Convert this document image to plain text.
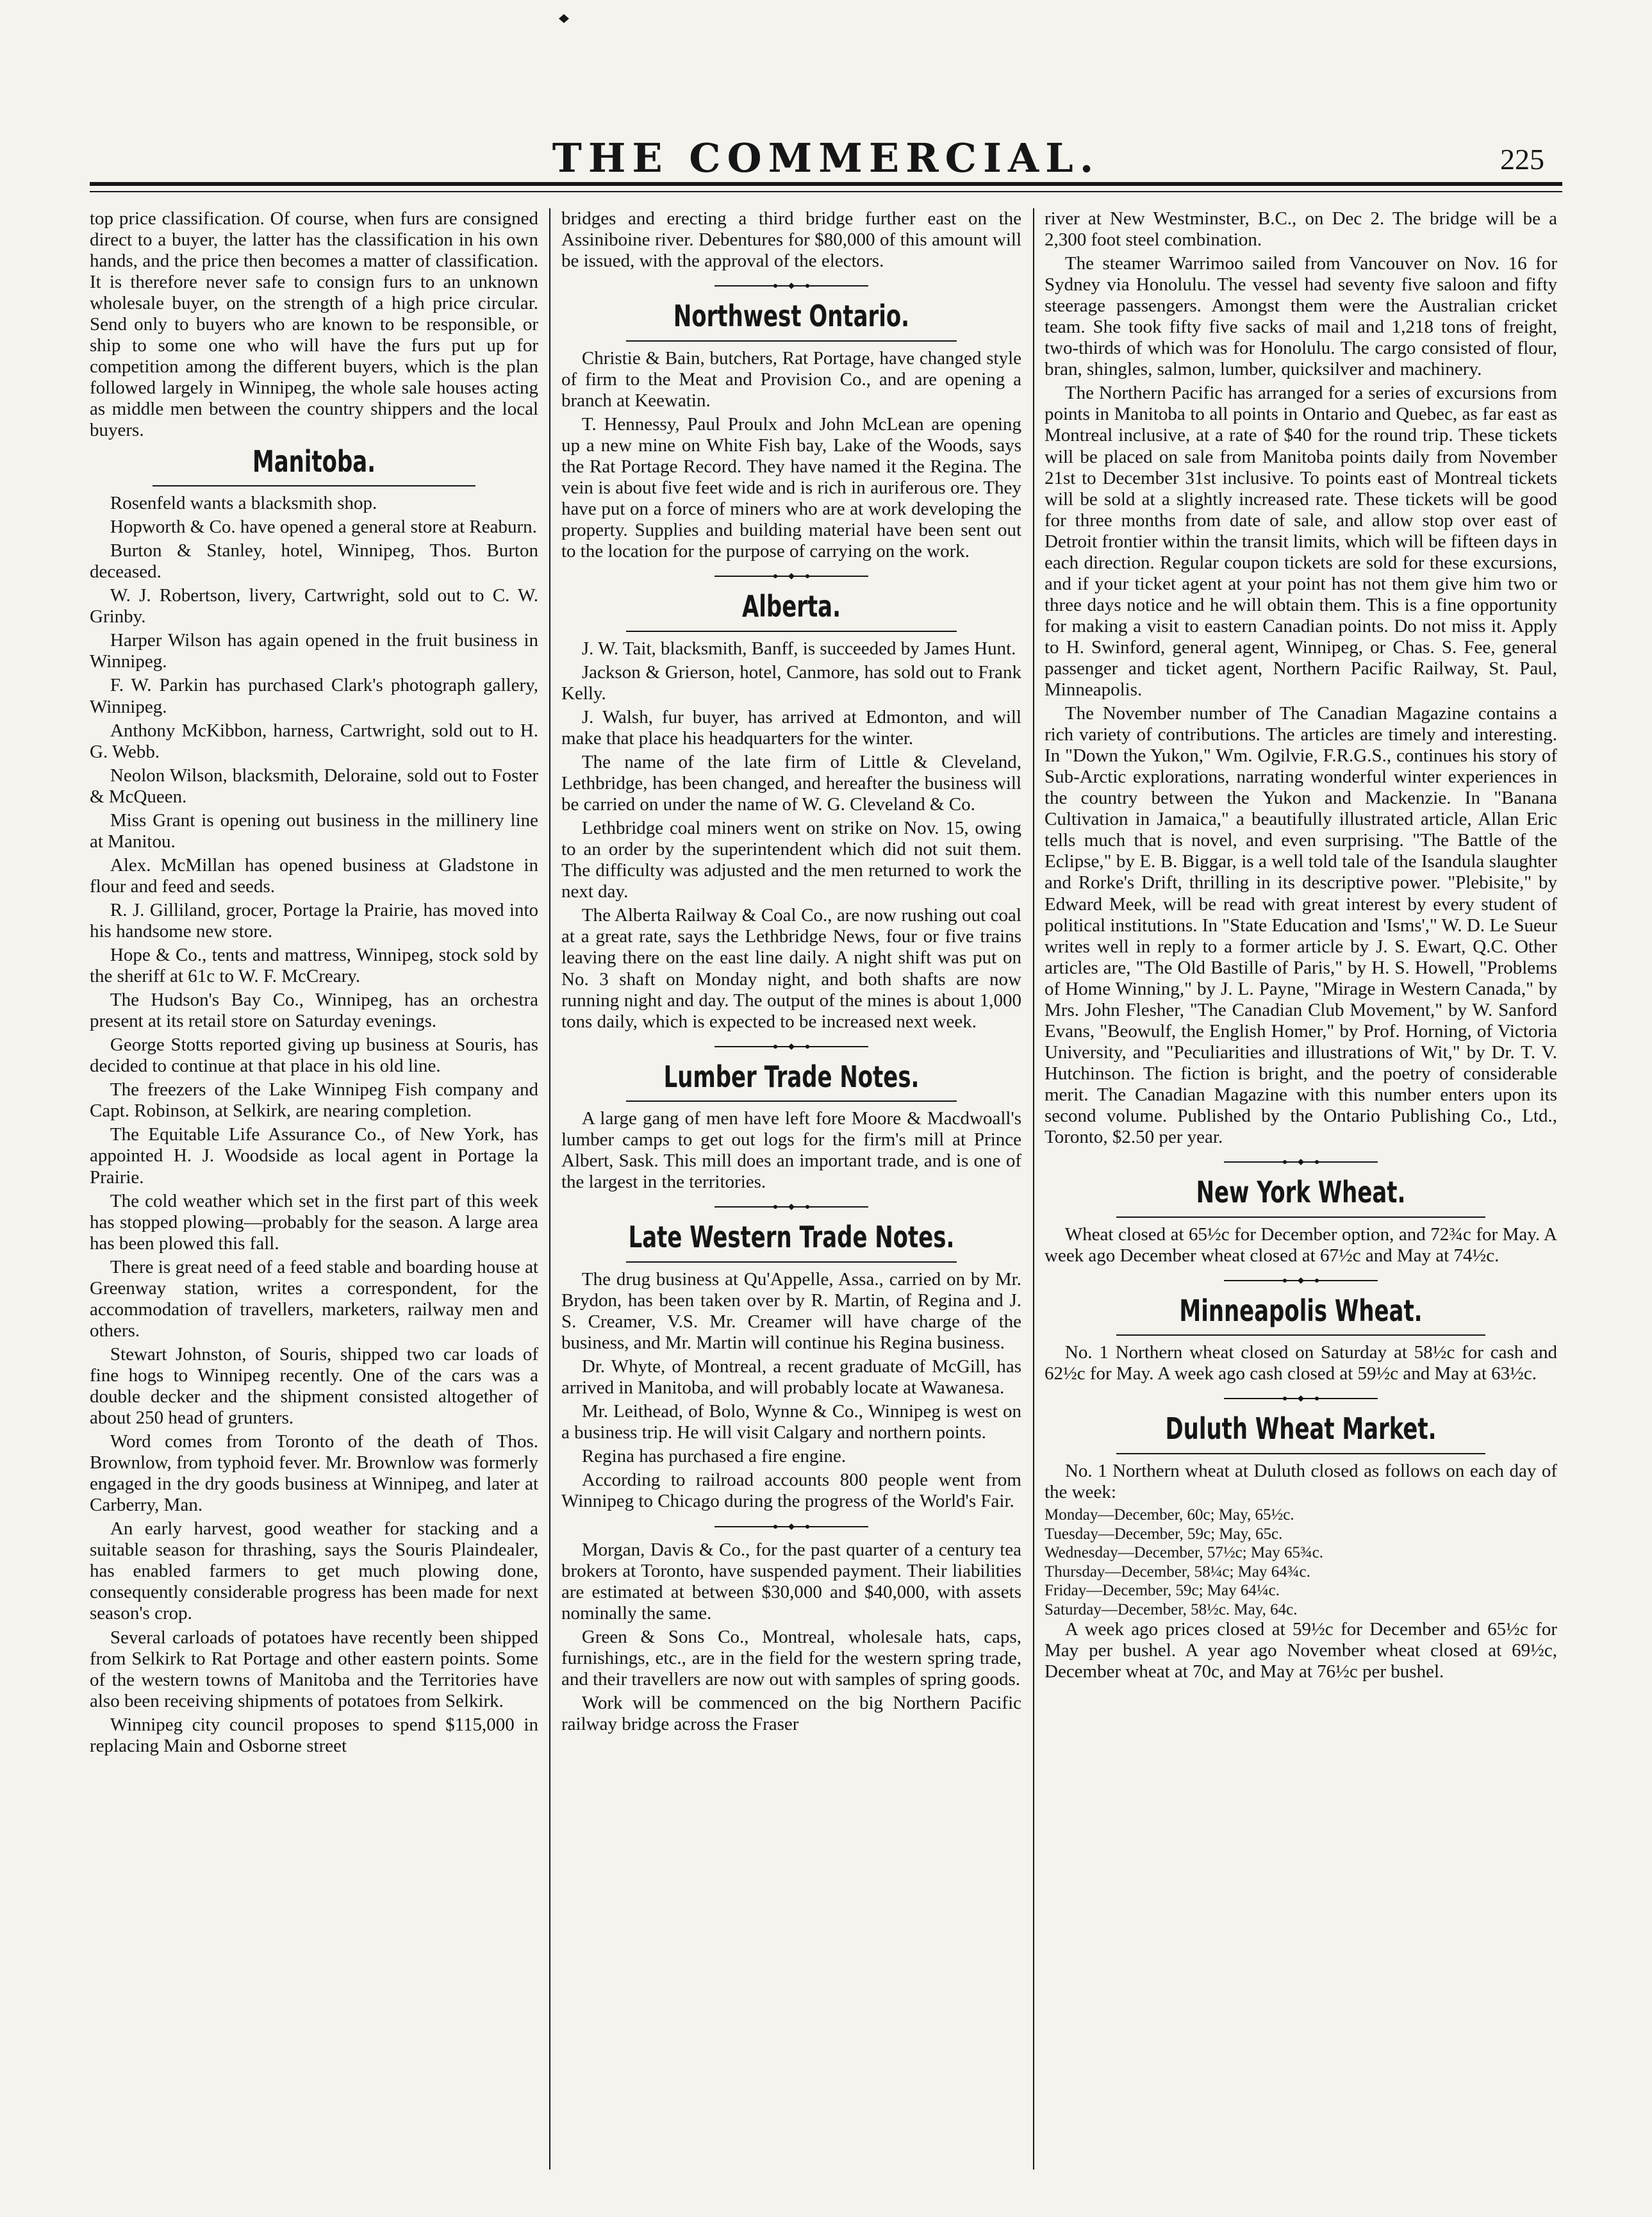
THE COMMERCIAL.	225

top price classification. Of course, when furs are consigned direct to a buyer, the latter has the classification in his own hands, and the price then becomes a matter of classification. It is therefore never safe to consign furs to an unknown wholesale buyer, on the strength of a high price circular. Send only to buyers who are known to be responsible, or ship to some one who will have the furs put up for competition among the different buyers, which is the plan followed largely in Winnipeg, the whole sale houses acting as middle men between the country shippers and the local buyers.

Manitoba.

Rosenfeld wants a blacksmith shop.

Hopworth & Co. have opened a general store at Reaburn.

Burton & Stanley, hotel, Winnipeg, Thos. Burton deceased.

W. J. Robertson, livery, Cartwright, sold out to C. W. Grinby.

Harper Wilson has again opened in the fruit business in Winnipeg.

F. W. Parkin has purchased Clark's photograph gallery, Winnipeg.

Anthony McKibbon, harness, Cartwright, sold out to H. G. Webb.

Neolon Wilson, blacksmith, Deloraine, sold out to Foster & McQueen.

Miss Grant is opening out business in the millinery line at Manitou.

Alex. McMillan has opened business at Gladstone in flour and feed and seeds.

R. J. Gilliland, grocer, Portage la Prairie, has moved into his handsome new store.

Hope & Co., tents and mattress, Winnipeg, stock sold by the sheriff at 61c to W. F. McCreary.

The Hudson's Bay Co., Winnipeg, has an orchestra present at its retail store on Saturday evenings.

George Stotts reported giving up business at Souris, has decided to continue at that place in his old line.

The freezers of the Lake Winnipeg Fish company and Capt. Robinson, at Selkirk, are nearing completion.

The Equitable Life Assurance Co., of New York, has appointed H. J. Woodside as local agent in Portage la Prairie.

The cold weather which set in the first part of this week has stopped plowing—probably for the season. A large area has been plowed this fall.

There is great need of a feed stable and boarding house at Greenway station, writes a correspondent, for the accommodation of travellers, marketers, railway men and others.

Stewart Johnston, of Souris, shipped two car loads of fine hogs to Winnipeg recently. One of the cars was a double decker and the shipment consisted altogether of about 250 head of grunters.

Word comes from Toronto of the death of Thos. Brownlow, from typhoid fever. Mr. Brownlow was formerly engaged in the dry goods business at Winnipeg, and later at Carberry, Man.

An early harvest, good weather for stacking and a suitable season for thrashing, says the Souris Plaindealer, has enabled farmers to get much plowing done, consequently considerable progress has been made for next season's crop.

Several carloads of potatoes have recently been shipped from Selkirk to Rat Portage and other eastern points. Some of the western towns of Manitoba and the Territories have also been receiving shipments of potatoes from Selkirk.

Winnipeg city council proposes to spend $115,000 in replacing Main and Osborne street

bridges and erecting a third bridge further east on the Assiniboine river. Debentures for $80,000 of this amount will be issued, with the approval of the electors.

Northwest Ontario.

Christie & Bain, butchers, Rat Portage, have changed style of firm to the Meat and Provision Co., and are opening a branch at Keewatin.

T. Hennessy, Paul Proulx and John McLean are opening up a new mine on White Fish bay, Lake of the Woods, says the Rat Portage Record. They have named it the Regina. The vein is about five feet wide and is rich in auriferous ore. They have put on a force of miners who are at work developing the property. Supplies and building material have been sent out to the location for the purpose of carrying on the work.

Alberta.

J. W. Tait, blacksmith, Banff, is succeeded by James Hunt.

Jackson & Grierson, hotel, Canmore, has sold out to Frank Kelly.

J. Walsh, fur buyer, has arrived at Edmonton, and will make that place his headquarters for the winter.

The name of the late firm of Little & Cleveland, Lethbridge, has been changed, and hereafter the business will be carried on under the name of W. G. Cleveland & Co.

Lethbridge coal miners went on strike on Nov. 15, owing to an order by the superintendent which did not suit them. The difficulty was adjusted and the men returned to work the next day.

The Alberta Railway & Coal Co., are now rushing out coal at a great rate, says the Lethbridge News, four or five trains leaving there on the east line daily. A night shift was put on No. 3 shaft on Monday night, and both shafts are now running night and day. The output of the mines is about 1,000 tons daily, which is expected to be increased next week.

Lumber Trade Notes.

A large gang of men have left fore Moore & Macdwoall's lumber camps to get out logs for the firm's mill at Prince Albert, Sask. This mill does an important trade, and is one of the largest in the territories.

Late Western Trade Notes.

The drug business at Qu'Appelle, Assa., carried on by Mr. Brydon, has been taken over by R. Martin, of Regina and J. S. Creamer, V.S. Mr. Creamer will have charge of the business, and Mr. Martin will continue his Regina business.

Dr. Whyte, of Montreal, a recent graduate of McGill, has arrived in Manitoba, and will probably locate at Wawanesa.

Mr. Leithead, of Bolo, Wynne & Co., Winnipeg is west on a business trip. He will visit Calgary and northern points.

Regina has purchased a fire engine.

According to railroad accounts 800 people went from Winnipeg to Chicago during the progress of the World's Fair.

Morgan, Davis & Co., for the past quarter of a century tea brokers at Toronto, have suspended payment. Their liabilities are estimated at between $30,000 and $40,000, with assets nominally the same.

Green & Sons Co., Montreal, wholesale hats, caps, furnishings, etc., are in the field for the western spring trade, and their travellers are now out with samples of spring goods.

Work will be commenced on the big Northern Pacific railway bridge across the Fraser

river at New Westminster, B.C., on Dec 2. The bridge will be a 2,300 foot steel combination.

The steamer Warrimoo sailed from Vancouver on Nov. 16 for Sydney via Honolulu. The vessel had seventy five saloon and fifty steerage passengers. Amongst them were the Australian cricket team. She took fifty five sacks of mail and 1,218 tons of freight, two-thirds of which was for Honolulu. The cargo consisted of flour, bran, shingles, salmon, lumber, quicksilver and machinery.

The Northern Pacific has arranged for a series of excursions from points in Manitoba to all points in Ontario and Quebec, as far east as Montreal inclusive, at a rate of $40 for the round trip. These tickets will be placed on sale from Manitoba points daily from November 21st to December 31st inclusive. To points east of Montreal tickets will be sold at a slightly increased rate. These tickets will be good for three months from date of sale, and allow stop over east of Detroit frontier within the transit limits, which will be fifteen days in each direction. Regular coupon tickets are sold for these excursions, and if your ticket agent at your point has not them give him two or three days notice and he will obtain them. This is a fine opportunity for making a visit to eastern Canadian points. Do not miss it. Apply to H. Swinford, general agent, Winnipeg, or Chas. S. Fee, general passenger and ticket agent, Northern Pacific Railway, St. Paul, Minneapolis.

The November number of The Canadian Magazine contains a rich variety of contributions. The articles are timely and interesting. In "Down the Yukon," Wm. Ogilvie, F.R.G.S., continues his story of Sub-Arctic explorations, narrating wonderful winter experiences in the country between the Yukon and Mackenzie. In "Banana Cultivation in Jamaica," a beautifully illustrated article, Allan Eric tells much that is novel, and even surprising. "The Battle of the Eclipse," by E. B. Biggar, is a well told tale of the Isandula slaughter and Rorke's Drift, thrilling in its descriptive power. "Plebisite," by Edward Meek, will be read with great interest by every student of political institutions. In "State Education and 'Isms'," W. D. Le Sueur writes well in reply to a former article by J. S. Ewart, Q.C. Other articles are, "The Old Bastille of Paris," by H. S. Howell, "Problems of Home Winning," by J. L. Payne, "Mirage in Western Canada," by Mrs. John Flesher, "The Canadian Club Movement," by W. Sanford Evans, "Beowulf, the English Homer," by Prof. Horning, of Victoria University, and "Peculiarities and illustrations of Wit," by Dr. T. V. Hutchinson. The fiction is bright, and the poetry of considerable merit. The Canadian Magazine with this number enters upon its second volume. Published by the Ontario Publishing Co., Ltd., Toronto, $2.50 per year.

New York Wheat.

Wheat closed at 65½c for December option, and 72¾c for May. A week ago December wheat closed at 67½c and May at 74½c.

Minneapolis Wheat.

No. 1 Northern wheat closed on Saturday at 58½c for cash and 62½c for May. A week ago cash closed at 59½c and May at 63½c.

Duluth Wheat Market.

No. 1 Northern wheat at Duluth closed as follows on each day of the week:

Monday—December, 60c; May, 65½c.

Tuesday—December, 59c; May, 65c.

Wednesday—December, 57½c; May 65¾c.

Thursday—December, 58¼c; May 64¾c.

Friday—December, 59c; May 64¼c.

Saturday—December, 58½c. May, 64c.

A week ago prices closed at 59½c for December and 65½c for May per bushel. A year ago November wheat closed at 69½c, December wheat at 70c, and May at 76½c per bushel.
